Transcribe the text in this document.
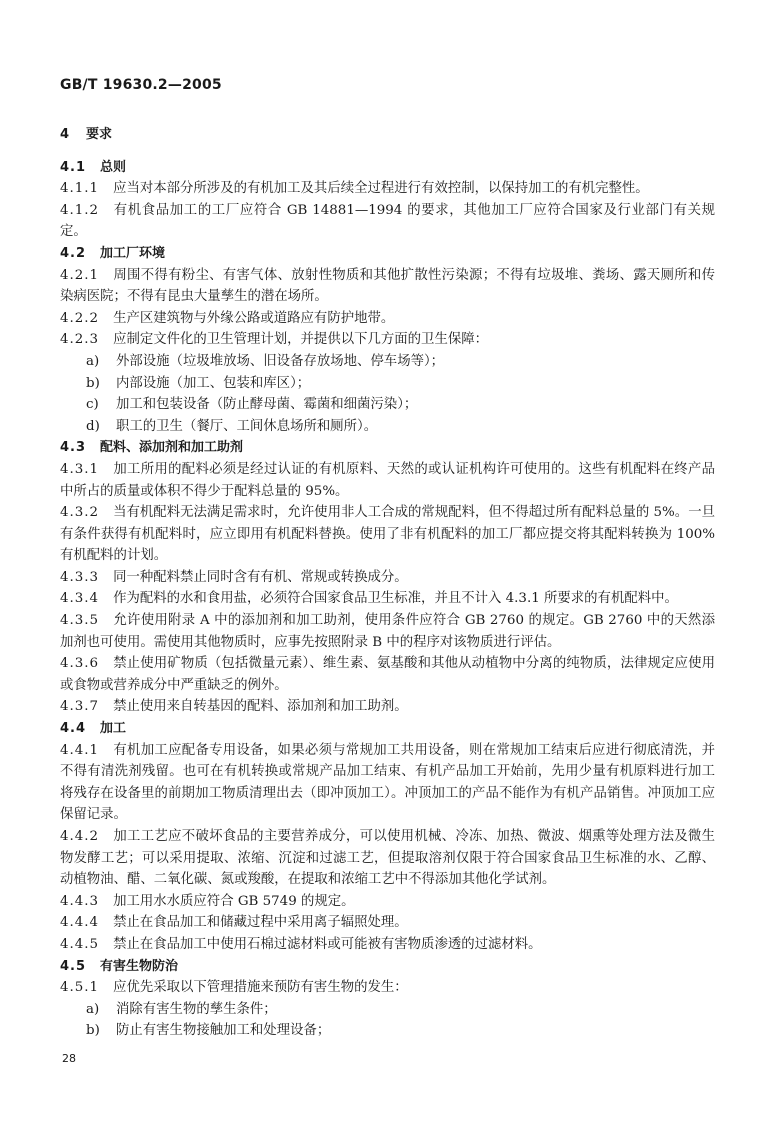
GB/T 19630.2—2005
4 要求
4.1 总则

4.1.1 应当对本部分所涉及的有机加工及其后续全过程进行有效控制，以保持加工的有机完整性。

4.1.2 有机食品加工的工厂应符合 GB 14881—1994 的要求，其他加工厂应符合国家及行业部门有关规定。

4.2 加工厂环境

4.2.1 周围不得有粉尘、有害气体、放射性物质和其他扩散性污染源；不得有垃圾堆、粪场、露天厕所和传染病医院；不得有昆虫大量孳生的潜在场所。

4.2.2 生产区建筑物与外缘公路或道路应有防护地带。

4.2.3 应制定文件化的卫生管理计划，并提供以下几方面的卫生保障：

a) 外部设施（垃圾堆放场、旧设备存放场地、停车场等）；
b) 内部设施（加工、包装和库区）；
c) 加工和包装设备（防止酵母菌、霉菌和细菌污染）；
d) 职工的卫生（餐厅、工间休息场所和厕所）。
4.3 配料、添加剂和加工助剂

4.3.1 加工所用的配料必须是经过认证的有机原料、天然的或认证机构许可使用的。这些有机配料在终产品中所占的质量或体积不得少于配料总量的 95%。

4.3.2 当有机配料无法满足需求时，允许使用非人工合成的常规配料，但不得超过所有配料总量的 5%。一旦有条件获得有机配料时，应立即用有机配料替换。使用了非有机配料的加工厂都应提交将其配料转换为 100%有机配料的计划。

4.3.3 同一种配料禁止同时含有有机、常规或转换成分。

4.3.4 作为配料的水和食用盐，必须符合国家食品卫生标准，并且不计入 4.3.1 所要求的有机配料中。

4.3.5 允许使用附录 A 中的添加剂和加工助剂，使用条件应符合 GB 2760 的规定。GB 2760 中的天然添加剂也可使用。需使用其他物质时，应事先按照附录 B 中的程序对该物质进行评估。

4.3.6 禁止使用矿物质（包括微量元素）、维生素、氨基酸和其他从动植物中分离的纯物质，法律规定应使用或食物或营养成分中严重缺乏的例外。

4.3.7 禁止使用来自转基因的配料、添加剂和加工助剂。

4.4 加工

4.4.1 有机加工应配备专用设备，如果必须与常规加工共用设备，则在常规加工结束后应进行彻底清洗，并不得有清洗剂残留。也可在有机转换或常规产品加工结束、有机产品加工开始前，先用少量有机原料进行加工将残存在设备里的前期加工物质清理出去（即冲顶加工）。冲顶加工的产品不能作为有机产品销售。冲顶加工应保留记录。

4.4.2 加工工艺应不破坏食品的主要营养成分，可以使用机械、冷冻、加热、微波、烟熏等处理方法及微生物发酵工艺；可以采用提取、浓缩、沉淀和过滤工艺，但提取溶剂仅限于符合国家食品卫生标准的水、乙醇、动植物油、醋、二氧化碳、氮或羧酸，在提取和浓缩工艺中不得添加其他化学试剂。

4.4.3 加工用水水质应符合 GB 5749 的规定。

4.4.4 禁止在食品加工和储藏过程中采用离子辐照处理。

4.4.5 禁止在食品加工中使用石棉过滤材料或可能被有害物质渗透的过滤材料。

4.5 有害生物防治

4.5.1 应优先采取以下管理措施来预防有害生物的发生：

a) 消除有害生物的孳生条件；
b) 防止有害生物接触加工和处理设备；
28
